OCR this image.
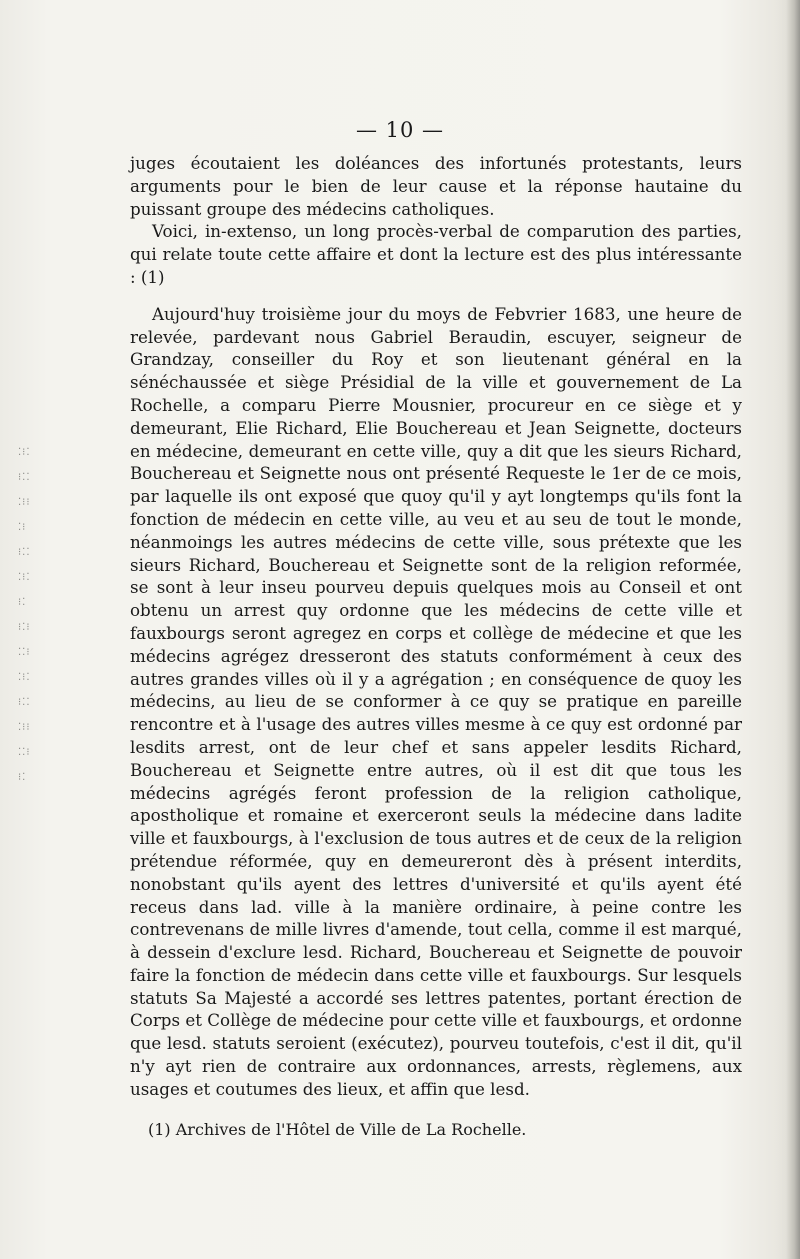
⁚⁝⁚
⁝⁚⁚
⁚⁝⁝
⁚⁝
⁝⁚⁚
⁚⁝⁚
⁝⁚
⁝⁚⁝
⁚⁚⁝
⁚⁝⁚
⁝⁚⁚
⁚⁝⁝
⁚⁚⁝
⁝⁚
— 10 —

juges écoutaient les doléances des infortunés protestants, leurs arguments pour le bien de leur cause et la réponse hautaine du puissant groupe des médecins catholiques.

Voici, in-extenso, un long procès-verbal de comparution des parties, qui relate toute cette affaire et dont la lecture est des plus intéressante : (1)

Aujourd'huy troisième jour du moys de Febvrier 1683, une heure de relevée, pardevant nous Gabriel Beraudin, escuyer, seigneur de Grandzay, conseiller du Roy et son lieutenant général en la sénéchaussée et siège Présidial de la ville et gouvernement de La Rochelle, a comparu Pierre Mousnier, procureur en ce siège et y demeurant, Elie Richard, Elie Bouchereau et Jean Seignette, docteurs en médecine, demeurant en cette ville, quy a dit que les sieurs Richard, Bouchereau et Seignette nous ont présenté Requeste le 1er de ce mois, par laquelle ils ont exposé que quoy qu'il y ayt longtemps qu'ils font la fonction de médecin en cette ville, au veu et au seu de tout le monde, néanmoings les autres médecins de cette ville, sous prétexte que les sieurs Richard, Bouchereau et Seignette sont de la religion reformée, se sont à leur inseu pourveu depuis quelques mois au Conseil et ont obtenu un arrest quy ordonne que les médecins de cette ville et fauxbourgs seront agregez en corps et collège de médecine et que les médecins agrégez dresseront des statuts conformément à ceux des autres grandes villes où il y a agrégation ; en conséquence de quoy les médecins, au lieu de se conformer à ce quy se pratique en pareille rencontre et à l'usage des autres villes mesme à ce quy est ordonné par lesdits arrest, ont de leur chef et sans appeler lesdits Richard, Bouchereau et Seignette entre autres, où il est dit que tous les médecins agrégés feront profession de la religion catholique, apostholique et romaine et exerceront seuls la médecine dans ladite ville et fauxbourgs, à l'exclusion de tous autres et de ceux de la religion prétendue réformée, quy en demeureront dès à présent interdits, nonobstant qu'ils ayent des lettres d'université et qu'ils ayent été receus dans lad. ville à la manière ordinaire, à peine contre les contrevenans de mille livres d'amende, tout cella, comme il est marqué, à dessein d'exclure lesd. Richard, Bouchereau et Seignette de pouvoir faire la fonction de médecin dans cette ville et fauxbourgs. Sur lesquels statuts Sa Majesté a accordé ses lettres patentes, portant érection de Corps et Collège de médecine pour cette ville et fauxbourgs, et ordonne que lesd. statuts seroient (exécutez), pourveu toutefois, c'est il dit, qu'il n'y ayt rien de contraire aux ordonnances, arrests, règlemens, aux usages et coutumes des lieux, et affin que lesd.

(1) Archives de l'Hôtel de Ville de La Rochelle.
